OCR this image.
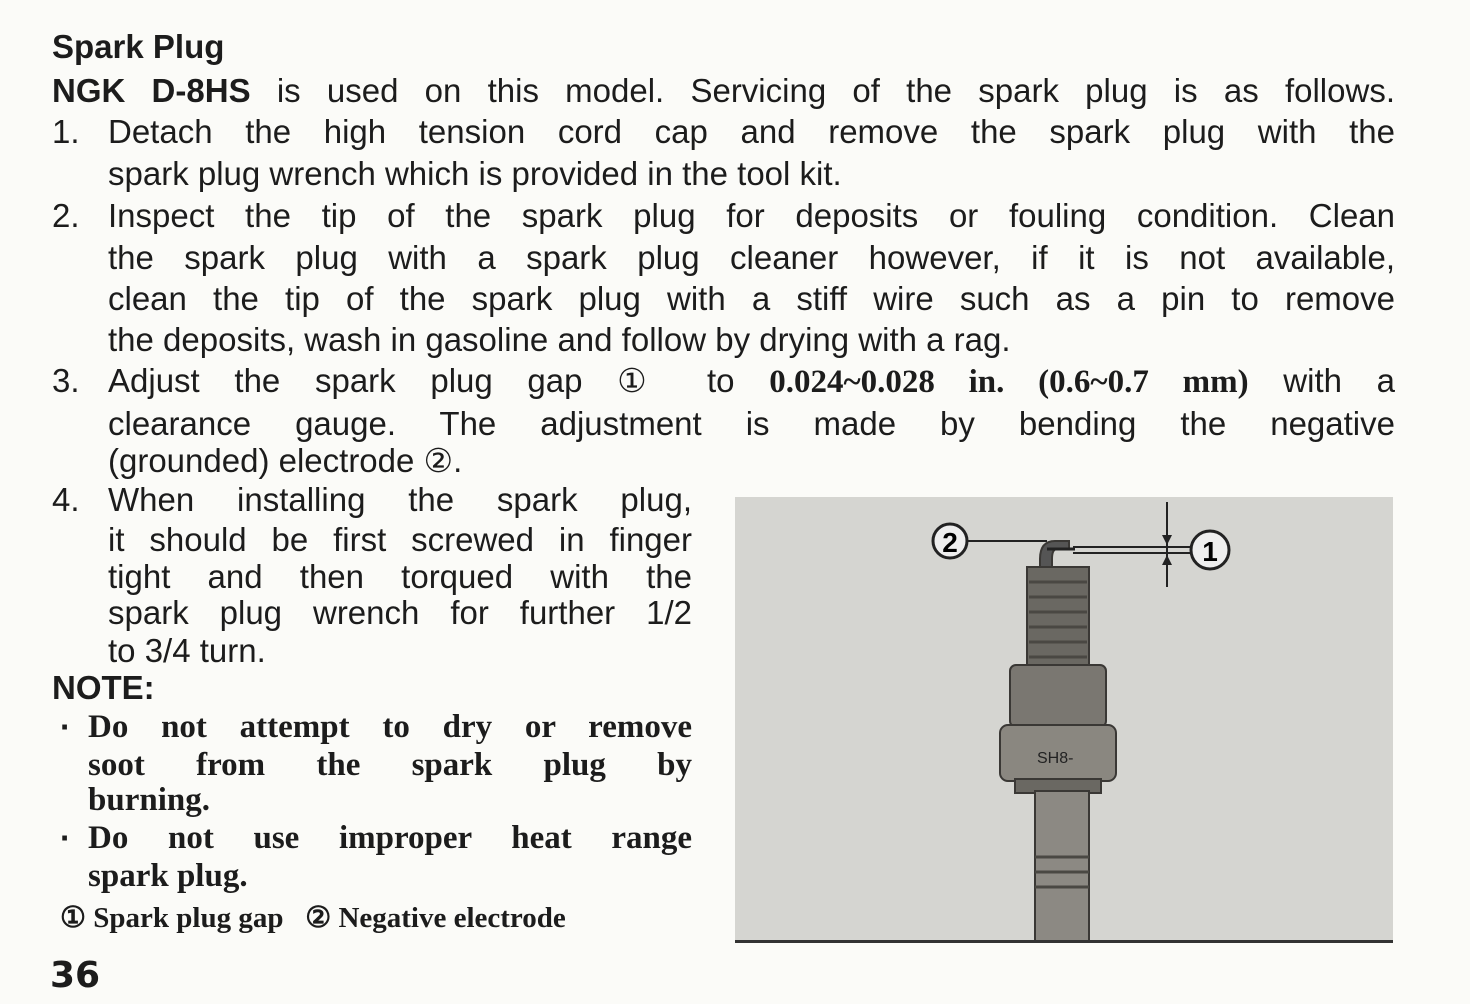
Spark Plug
NGK D-8HS is used on this model. Servicing of the spark plug is as follows.
1. Detach the high tension cord cap and remove the spark plug with the
spark plug wrench which is provided in the tool kit.
2. Inspect the tip of the spark plug for deposits or fouling condition. Clean
the spark plug with a spark plug cleaner however, if it is not available,
clean the tip of the spark plug with a stiff wire such as a pin to remove
the deposits, wash in gasoline and follow by drying with a rag.
3. Adjust the spark plug gap ① to 0.024~0.028 in. (0.6~0.7 mm) with a
clearance gauge. The adjustment is made by bending the negative
(grounded) electrode ②.
4. When installing the spark plug,
it should be first screwed in finger
tight and then torqued with the
spark plug wrench for further 1/2
to 3/4 turn.
NOTE:
· Do not attempt to dry or remove
soot from the spark plug by
burning.
· Do not use improper heat range
spark plug.
SH8-
2	1
① Spark plug gap ② Negative electrode
36
